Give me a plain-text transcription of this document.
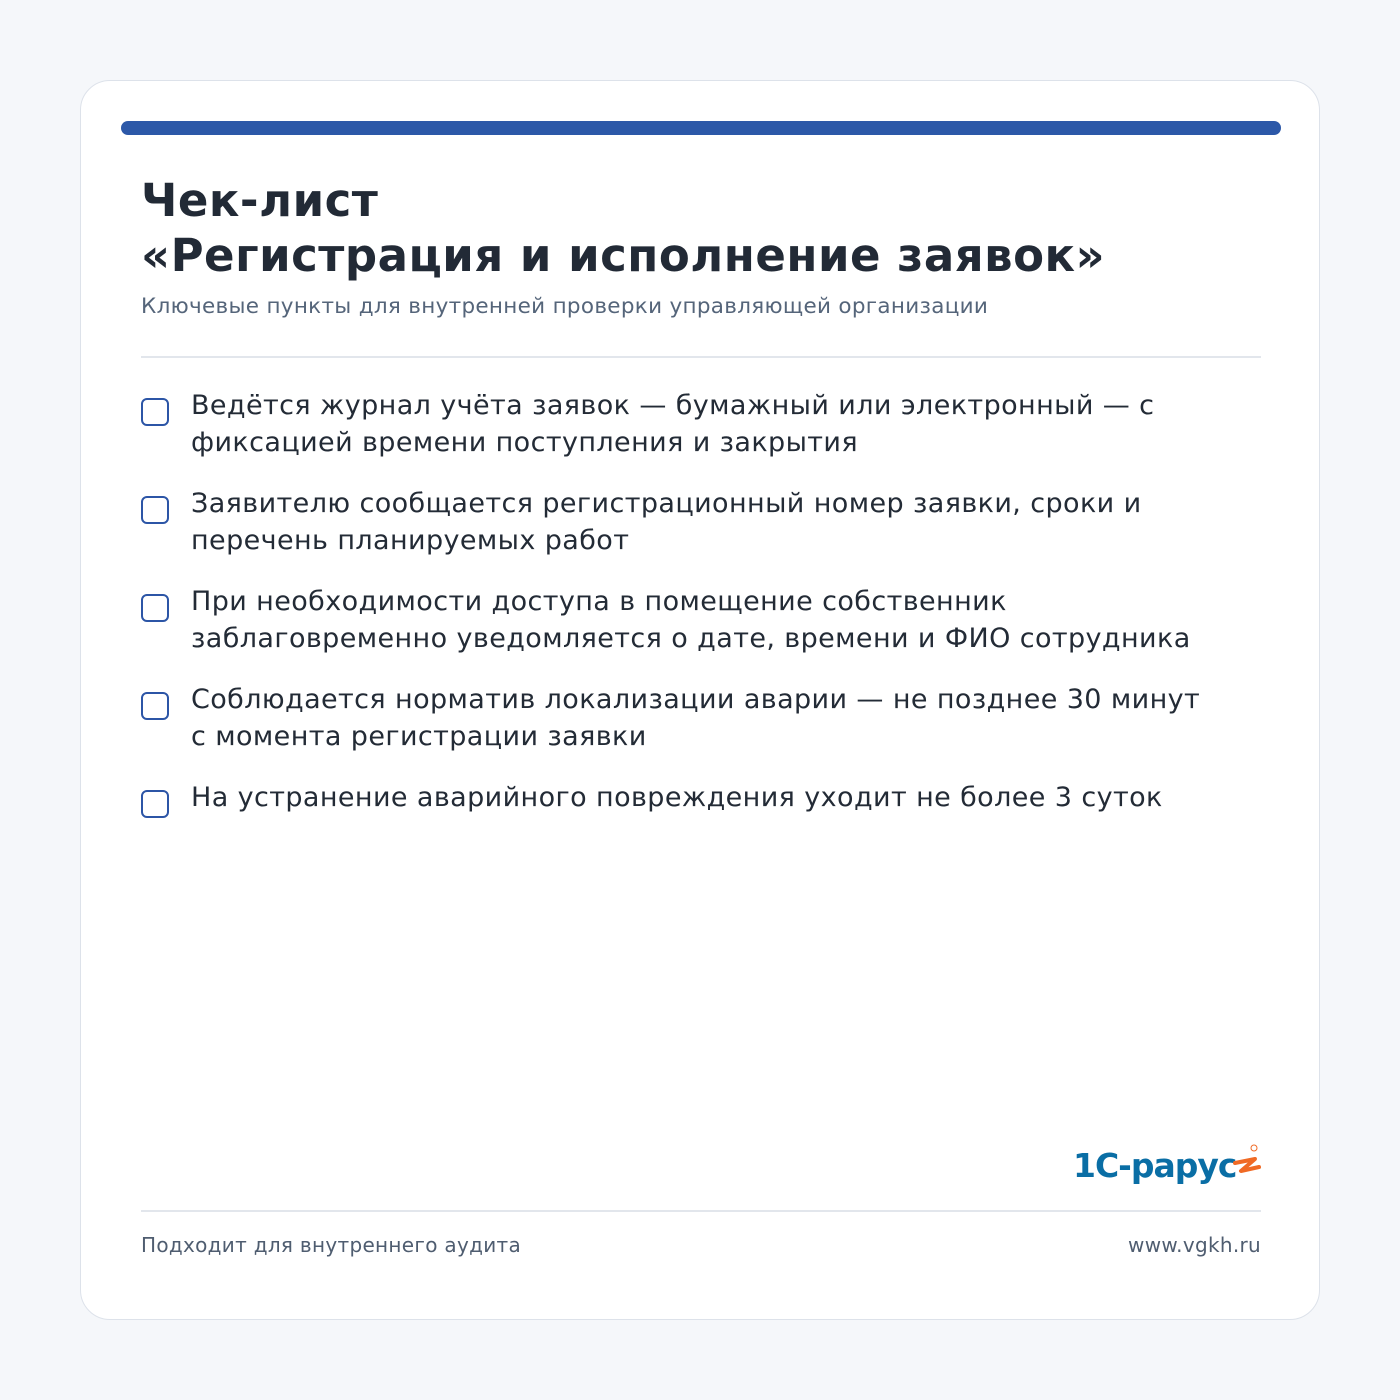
Чек-лист
«Регистрация и исполнение заявок»
Ключевые пункты для внутренней проверки управляющей организации
Ведётся журнал учёта заявок — бумажный или электронный — с фиксацией времени поступления и закрытия
Заявителю сообщается регистрационный номер заявки, сроки и перечень планируемых работ
При необходимости доступа в помещение собственник заблаговременно уведомляется о дате, времени и ФИО сотрудника
Соблюдается норматив локализации аварии — не позднее 30 минут с момента регистрации заявки
На устранение аварийного повреждения уходит не более 3 суток
1С-рарус
Подходит для внутреннего аудита	www.vgkh.ru
